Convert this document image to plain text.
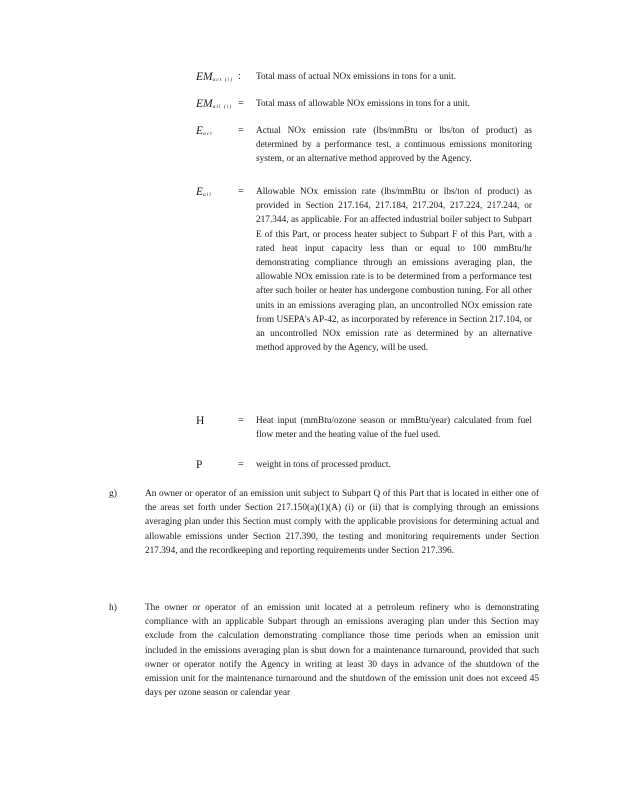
EMact (i) : Total mass of actual NOx emissions in tons for a unit.

EMall (i) = Total mass of allowable NOx emissions in tons for a unit.

Eact	= Actual NOx emission rate (lbs/mmBtu or lbs/ton of product) as determined by a performance test, a continuous emissions monitoring system, or an alternative method approved by the Agency.

Eall	= Allowable NOx emission rate (lbs/mmBtu or lbs/ton of product) as provided in Section 217.164, 217.184, 217.204, 217.224, 217.244, or 217.344, as applicable. For an affected industrial boiler subject to Subpart E of this Part, or process heater subject to Subpart F of this Part, with a rated heat input capacity less than or equal to 100 mmBtu/hr demonstrating compliance through an emissions averaging plan, the allowable NOx emission rate is to be determined from a performance test after such boiler or heater has undergone combustion tuning. For all other units in an emissions averaging plan, an uncontrolled NOx emission rate from USEPA's AP-42, as incorporated by reference in Section 217.104, or an uncontrolled NOx emission rate as determined by an alternative method approved by the Agency, will be used.

H	= Heat input (mmBtu/ozone season or mmBtu/year) calculated from fuel flow meter and the heating value of the fuel used.

P	= weight in tons of processed product.

g)	An owner or operator of an emission unit subject to Subpart Q of this Part that is located in either one of the areas set forth under Section 217.150(a)(1)(A) (i) or (ii) that is complying through an emissions averaging plan under this Section must comply with the applicable provisions for determining actual and allowable emissions under Section 217.390, the testing and monitoring requirements under Section 217.394, and the recordkeeping and reporting requirements under Section 217.396.

h)	The owner or operator of an emission unit located at a petroleum refinery who is demonstrating compliance with an applicable Subpart through an emissions averaging plan under this Section may exclude from the calculation demonstrating compliance those time periods when an emission unit included in the emissions averaging plan is shut down for a maintenance turnaround, provided that such owner or operator notify the Agency in writing at least 30 days in advance of the shutdown of the emission unit for the maintenance turnaround and the shutdown of the emission unit does not exceed 45 days per ozone season or calendar year
